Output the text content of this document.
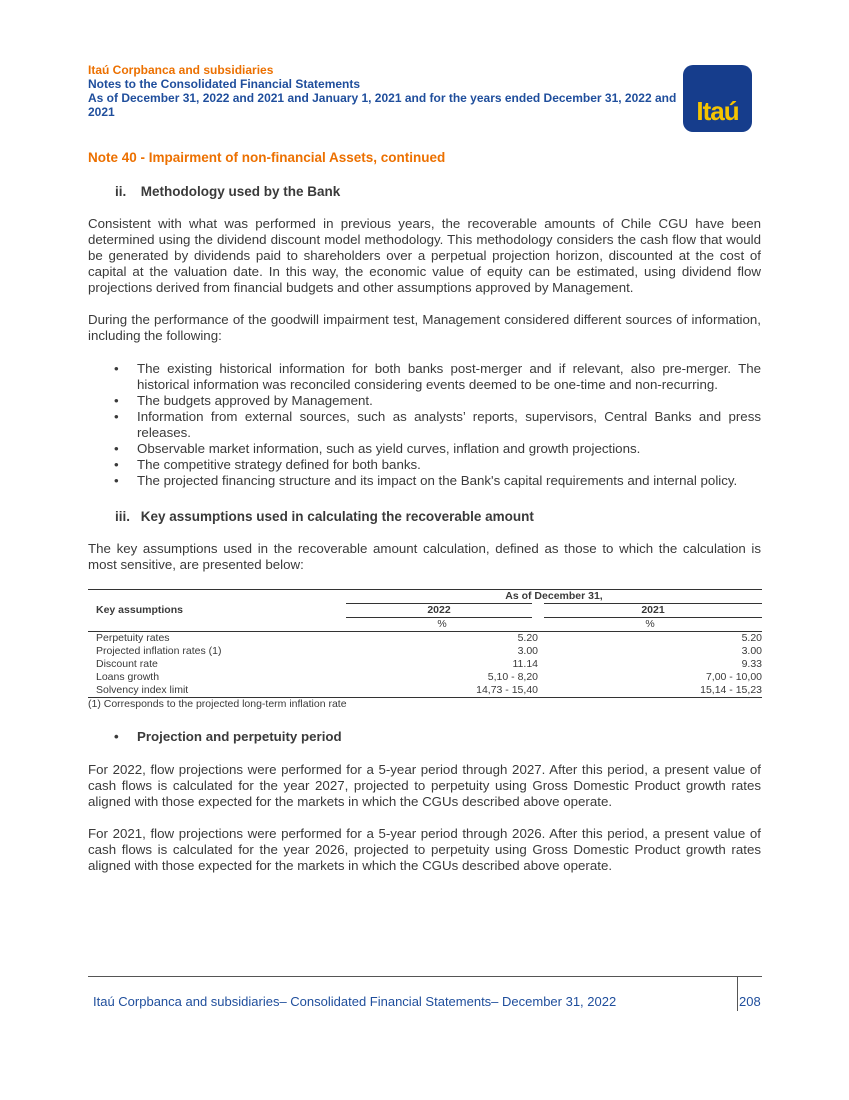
Itaú Corpbanca and subsidiaries
Notes to the Consolidated Financial Statements
As of December 31, 2022 and 2021 and January 1, 2021 and for the years ended December 31, 2022 and 2021	Itaú
Note 40 - Impairment of non-financial Assets, continued
ii. Methodology used by the Bank
Consistent with what was performed in previous years, the recoverable amounts of Chile CGU have been determined using the dividend discount model methodology. This methodology considers the cash flow that would be generated by dividends paid to shareholders over a perpetual projection horizon, discounted at the cost of capital at the valuation date. In this way, the economic value of equity can be estimated, using dividend flow projections derived from financial budgets and other assumptions approved by Management.
During the performance of the goodwill impairment test, Management considered different sources of information, including the following:
• The existing historical information for both banks post-merger and if relevant, also pre-merger. The historical information was reconciled considering events deemed to be one-time and non-recurring.
• The budgets approved by Management.
• Information from external sources, such as analysts’ reports, supervisors, Central Banks and press releases.
• Observable market information, such as yield curves, inflation and growth projections.
• The competitive strategy defined for both banks.
• The projected financing structure and its impact on the Bank's capital requirements and internal policy.
iii. Key assumptions used in calculating the recoverable amount
The key assumptions used in the recoverable amount calculation, defined as those to which the calculation is most sensitive, are presented below:
	As of December 31,	
Key assumptions	2022	2021
	%	%
Perpetuity rates	5.20	5.20
Projected inflation rates (1)	3.00	3.00
Discount rate	11.14	9.33
Loans growth	5,10 - 8,20	7,00 - 10,00
Solvency index limit	14,73 - 15,40	15,14 - 15,23
(1) Corresponds to the projected long-term inflation rate
• Projection and perpetuity period
For 2022, flow projections were performed for a 5-year period through 2027. After this period, a present value of cash flows is calculated for the year 2027, projected to perpetuity using Gross Domestic Product growth rates aligned with those expected for the markets in which the CGUs described above operate.
For 2021, flow projections were performed for a 5-year period through 2026. After this period, a present value of cash flows is calculated for the year 2026, projected to perpetuity using Gross Domestic Product growth rates aligned with those expected for the markets in which the CGUs described above operate.
Itaú Corpbanca and subsidiaries– Consolidated Financial Statements– December 31, 2022	208
